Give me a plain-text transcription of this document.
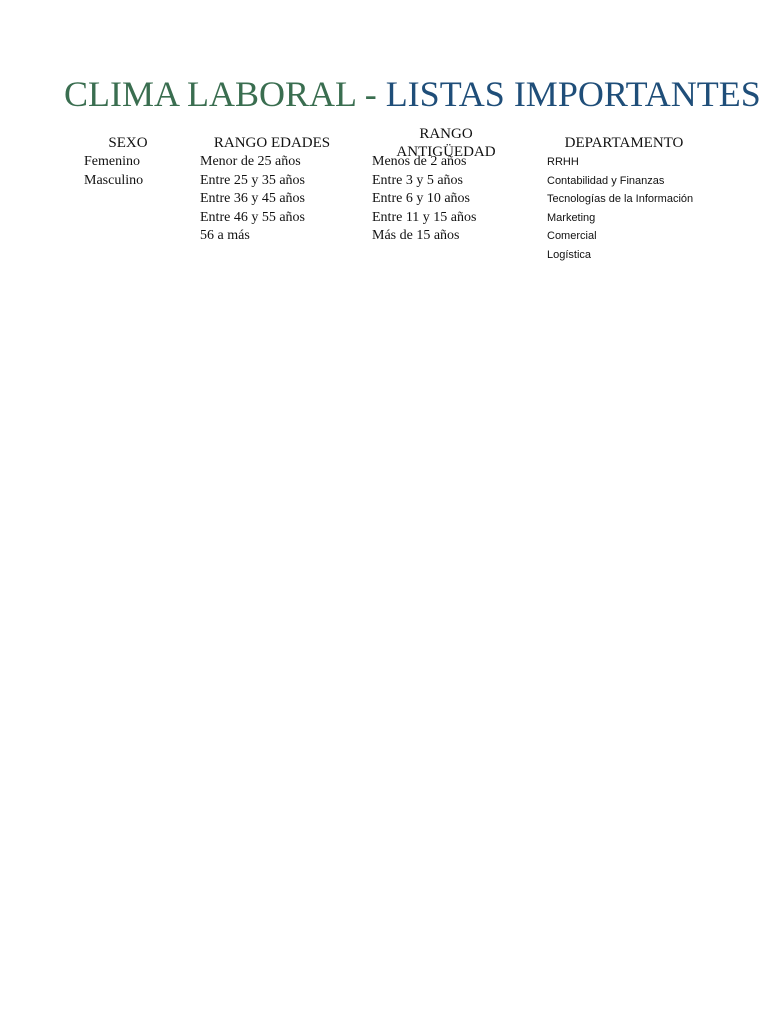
CLIMA LABORAL - LISTAS IMPORTANTES
SEXO	RANGO EDADES
RANGO ANTIGÜEDAD
DEPARTAMENTO
Femenino
Masculino
Menor de 25 años
Entre 25 y 35 años
Entre 36 y 45 años
Entre 46 y 55 años
56 a más
Menos de 2 años
Entre 3 y 5 años
Entre 6 y 10 años
Entre 11 y 15 años
Más de 15 años
RRHH
Contabilidad y Finanzas
Tecnologías de la Información
Marketing
Comercial
Logística
